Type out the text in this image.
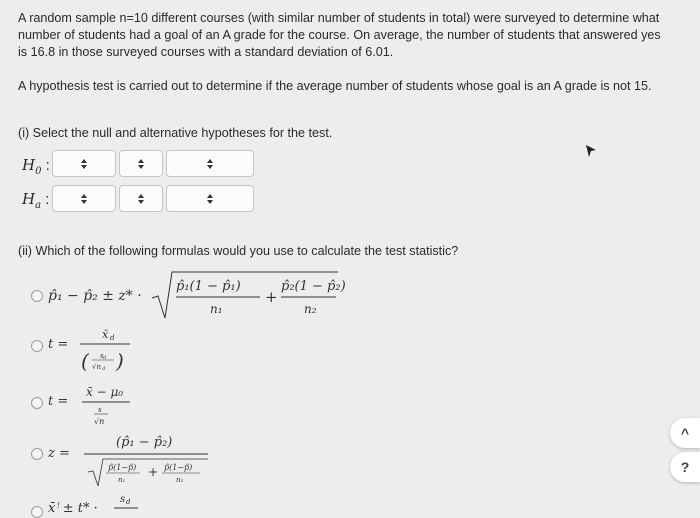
A random sample n=10 different courses (with similar number of students in total) were surveyed to determine what number of students had a goal of an A grade for the course. On average, the number of students that answered yes is 16.8 in those surveyed courses with a standard deviation of 6.01.

A hypothesis test is carried out to determine if the average number of students whose goal is an A grade is not 15.

(i) Select the null and alternative hypotheses for the test.

$H_0$ :
$H_a$ :

(ii) Which of the following formulas would you use to calculate the test statistic?

p̂₁ − p̂₂ ± z* ·
p̂₁(1 − p̂₁)
n₁
+
p̂₂(1 − p̂₂)
n₂
t =
x̄ d
( s d
√n d )
t =
x̄ − μ₀
s
√n
z =
(p̂₁ − p̂₂)
p̂(1−p̂)
n₁
+ p̂(1−p̂)
n₂
x̄ꜝ ± t* ·
s d
^
?
